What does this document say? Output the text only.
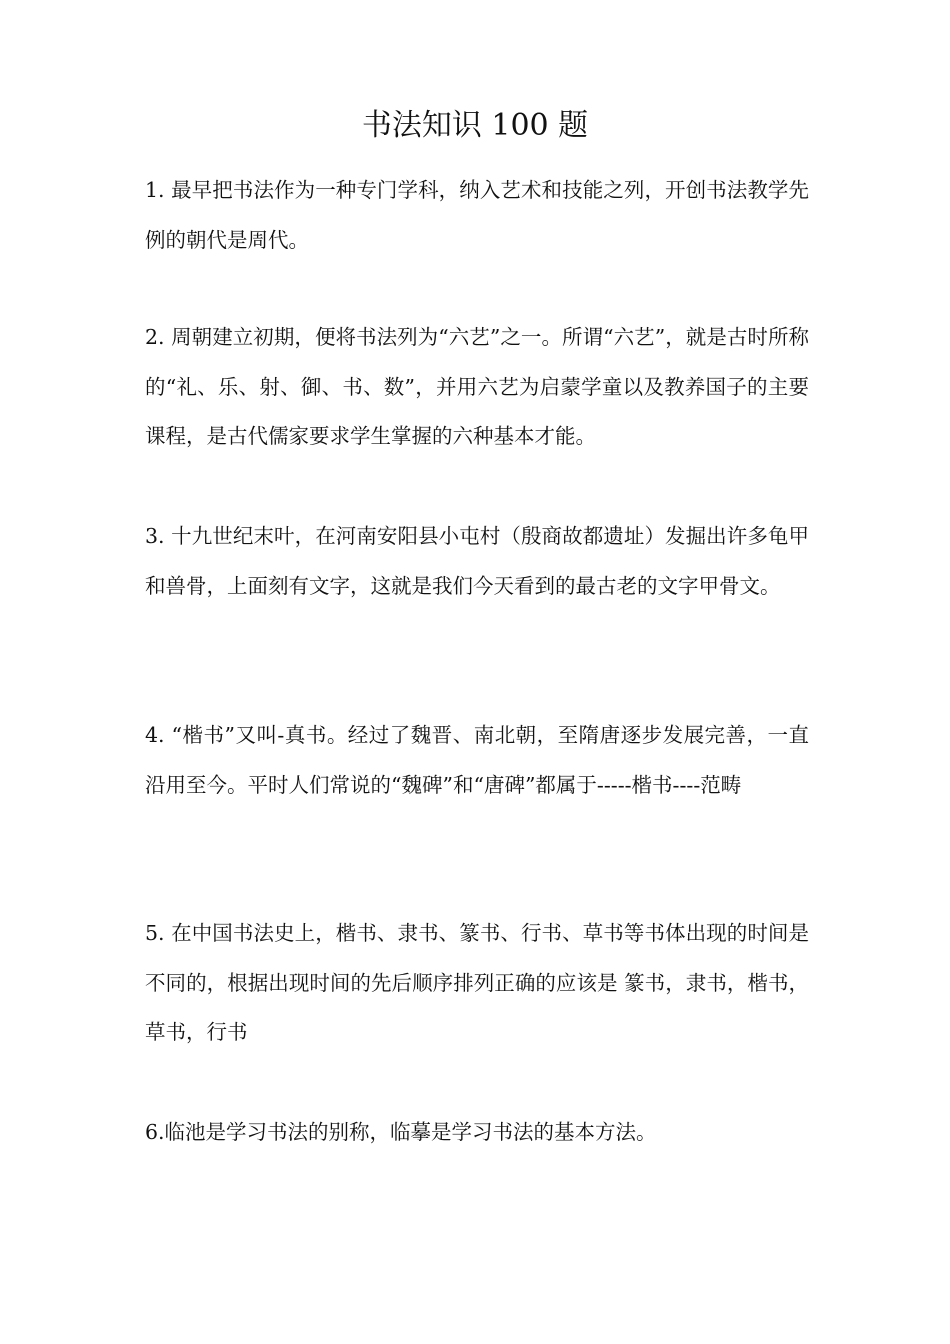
书法知识 100 题

1. 最早把书法作为一种专门学科，纳入艺术和技能之列，开创书法教学先例的朝代是周代。

2. 周朝建立初期，便将书法列为“六艺”之一。所谓“六艺”，就是古时所称的“礼、乐、射、御、书、数”，并用六艺为启蒙学童以及教养国子的主要课程，是古代儒家要求学生掌握的六种基本才能。

3. 十九世纪末叶，在河南安阳县小屯村（殷商故都遗址）发掘出许多龟甲和兽骨，上面刻有文字，这就是我们今天看到的最古老的文字甲骨文。

4. “楷书”又叫-真书。经过了魏晋、南北朝，至隋唐逐步发展完善，一直沿用至今。平时人们常说的“魏碑”和“唐碑”都属于-----楷书----范畴

5. 在中国书法史上，楷书、隶书、篆书、行书、草书等书体出现的时间是不同的，根据出现时间的先后顺序排列正确的应该是 篆书，隶书，楷书，草书，行书

6.临池是学习书法的别称，临摹是学习书法的基本方法。
